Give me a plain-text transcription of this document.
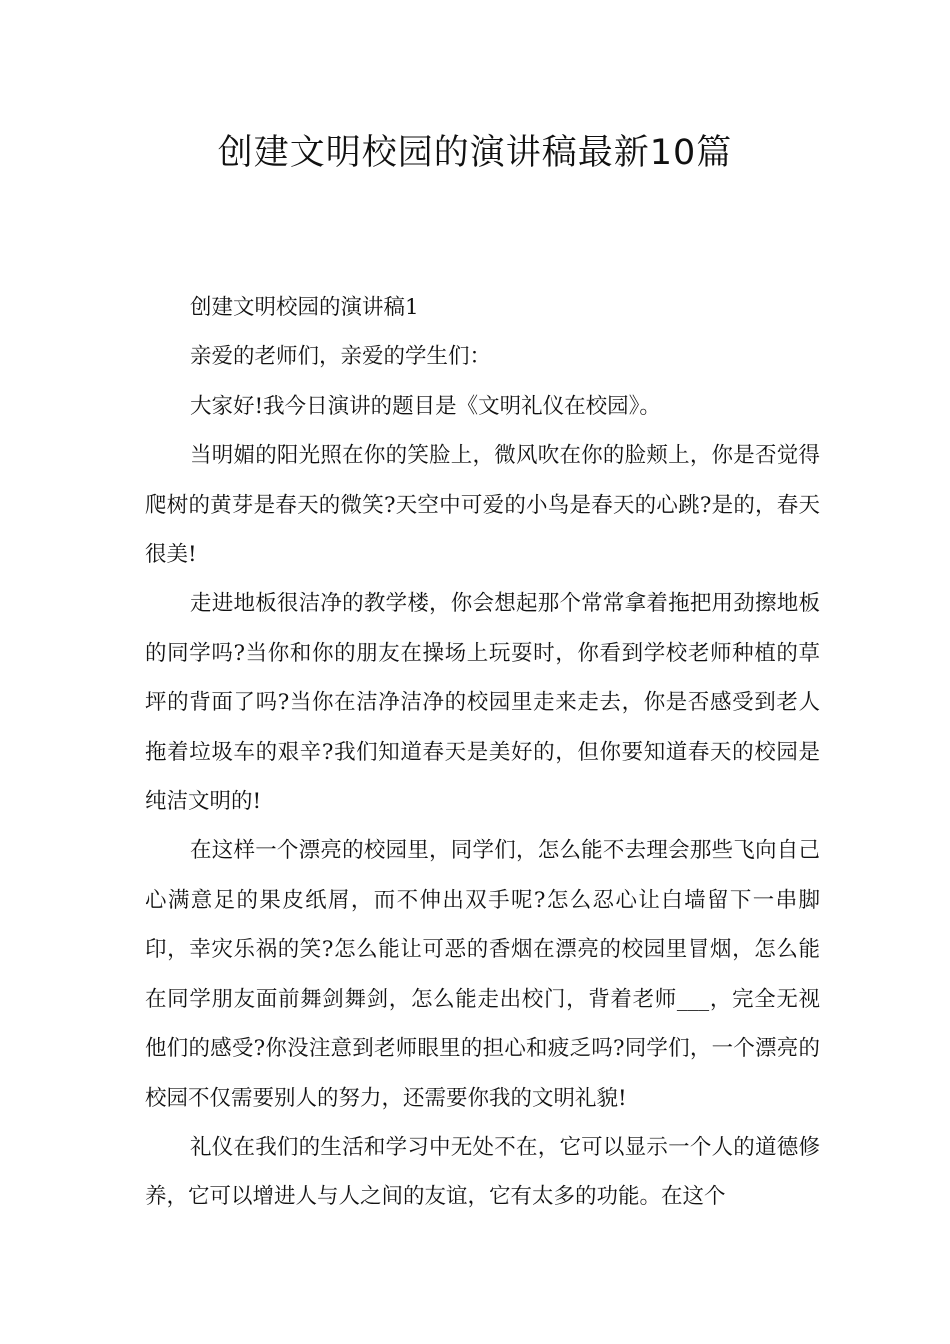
创建文明校园的演讲稿最新10篇

创建文明校园的演讲稿1

亲爱的老师们，亲爱的学生们：

大家好!我今日演讲的题目是《文明礼仪在校园》。

当明媚的阳光照在你的笑脸上，微风吹在你的脸颊上，你是否觉得爬树的黄芽是春天的微笑?天空中可爱的小鸟是春天的心跳?是的，春天很美!

走进地板很洁净的教学楼，你会想起那个常常拿着拖把用劲擦地板的同学吗?当你和你的朋友在操场上玩耍时，你看到学校老师种植的草坪的背面了吗?当你在洁净洁净的校园里走来走去，你是否感受到老人拖着垃圾车的艰辛?我们知道春天是美好的，但你要知道春天的校园是纯洁文明的!

在这样一个漂亮的校园里，同学们，怎么能不去理会那些飞向自己心满意足的果皮纸屑，而不伸出双手呢?怎么忍心让白墙留下一串脚印，幸灾乐祸的笑?怎么能让可恶的香烟在漂亮的校园里冒烟，怎么能在同学朋友面前舞剑舞剑，怎么能走出校门，背着老师___，完全无视他们的感受?你没注意到老师眼里的担心和疲乏吗?同学们，一个漂亮的校园不仅需要别人的努力，还需要你我的文明礼貌!

礼仪在我们的生活和学习中无处不在，它可以显示一个人的道德修养，它可以增进人与人之间的友谊，它有太多的功能。在这个
